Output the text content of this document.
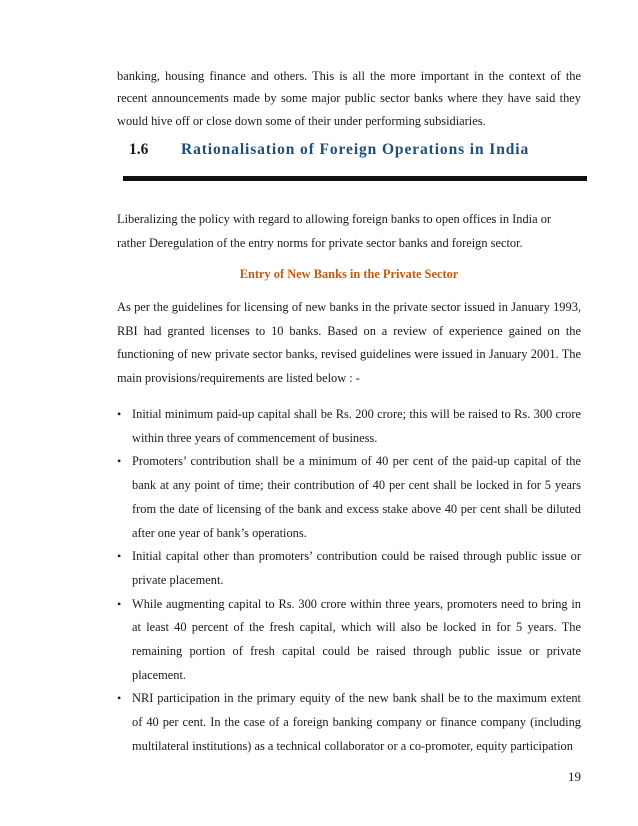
banking, housing finance and others. This is all the more important in the context of the recent announcements made by some major public sector banks where they have said they would hive off or close down some of their under performing subsidiaries.

1.6 Rationalisation of Foreign Operations in India

Liberalizing the policy with regard to allowing foreign banks to open offices in India or rather Deregulation of the entry norms for private sector banks and foreign sector.

Entry of New Banks in the Private Sector

As per the guidelines for licensing of new banks in the private sector issued in January 1993, RBI had granted licenses to 10 banks. Based on a review of experience gained on the functioning of new private sector banks, revised guidelines were issued in January 2001. The main provisions/requirements are listed below : -

• Initial minimum paid-up capital shall be Rs. 200 crore; this will be raised to Rs. 300 crore within three years of commencement of business.
• Promoters’ contribution shall be a minimum of 40 per cent of the paid-up capital of the bank at any point of time; their contribution of 40 per cent shall be locked in for 5 years from the date of licensing of the bank and excess stake above 40 per cent shall be diluted after one year of bank’s operations.
• Initial capital other than promoters’ contribution could be raised through public issue or private placement.
• While augmenting capital to Rs. 300 crore within three years, promoters need to bring in at least 40 percent of the fresh capital, which will also be locked in for 5 years. The remaining portion of fresh capital could be raised through public issue or private placement.
• NRI participation in the primary equity of the new bank shall be to the maximum extent of 40 per cent. In the case of a foreign banking company or finance company (including multilateral institutions) as a technical collaborator or a co-promoter, equity participation
19
